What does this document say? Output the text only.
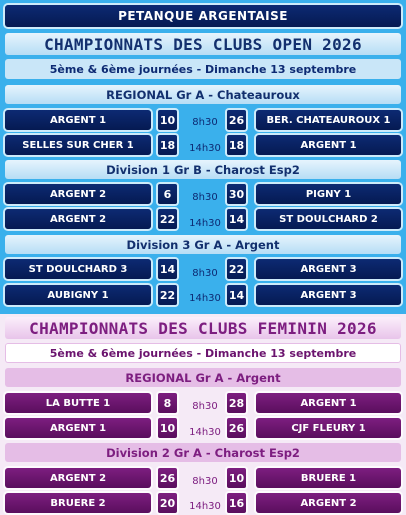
PETANQUE ARGENTAISE
CHAMPIONNATS DES CLUBS OPEN 2026
5ème & 6ème journées - Dimanche 13 septembre
REGIONAL Gr A - Chateauroux
ARGENT 1	10	8h30	26	BER. CHATEAUROUX 1
SELLES SUR CHER 1	18	14h30 18	ARGENT 1
Division 1 Gr B - Charost Esp2
ARGENT 2	6	8h30	30	PIGNY 1
ARGENT 2	22	14h30 14	ST DOULCHARD 2
Division 3 Gr A - Argent
ST DOULCHARD 3	14	8h30	22	ARGENT 3
AUBIGNY 1	22	14h30 14	ARGENT 3
CHAMPIONNATS DES CLUBS FEMININ 2026
5ème & 6ème journées - Dimanche 13 septembre
REGIONAL Gr A - Argent
LA BUTTE 1	8	8h30	28	ARGENT 1
ARGENT 1	10	14h30 26	CJF FLEURY 1
Division 2 Gr A - Charost Esp2
ARGENT 2	26	8h30	10	BRUERE 1
BRUERE 2	20	14h30 16	ARGENT 2
